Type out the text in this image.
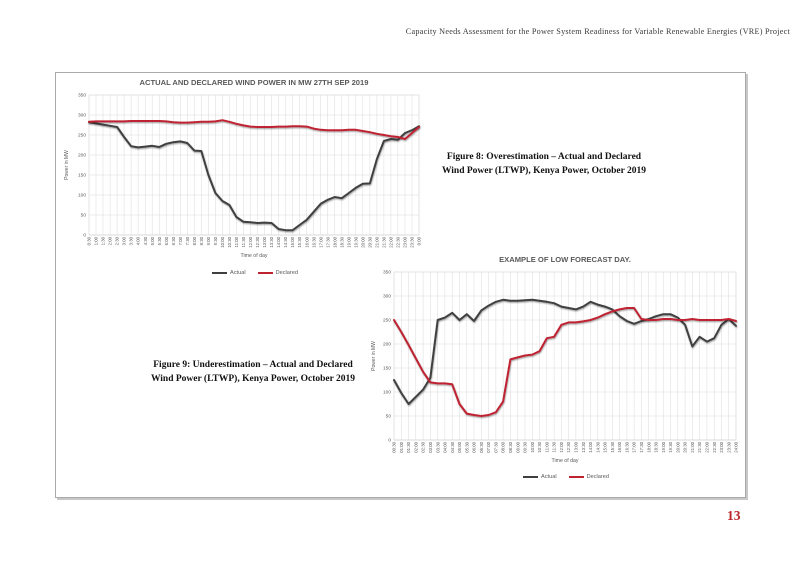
Capacity Needs Assessment for the Power System Readiness for Variable Renewable Energies (VRE) Project
ACTUAL AND DECLARED WIND POWER IN MW 27TH SEP 2019
0
50
100
150
200
250
300
350
0:30 1:00 1:30 2:00 2:30 3:00 3:30 4:00 4:30 5:00 5:30 6:00 6:30 7:00 7:30 8:00 8:30 9:00 9:30 10:00 10:30 11:00 11:30 12:00 12:30 13:00 13:30 14:00 14:30 15:00 15:30 16:00 16:30 17:00 17:30 18:00 18:30 19:00 19:30 20:00 20:30 21:00 21:30 22:00 22:30 23:00 23:30 0:00
Power in MW
Time of day
Actual	Declared
Figure 8: Overestimation – Actual and Declared
Wind Power (LTWP), Kenya Power, October 2019
EXAMPLE OF LOW FORECAST DAY.
0
50
100
150
200
250
300
350
00:30 01:00 01:30 02:00 02:30 03:00 03:30 04:00 04:30 05:00 05:30 06:00 06:30 07:00 07:30 08:00 08:30 09:00 09:30 10:00 10:30 11:00 11:30 12:00 12:30 13:00 13:30 14:00 14:30 15:00 15:30 16:00 16:30 17:00 17:30 18:00 18:30 19:00 19:30 20:00 20:30 21:00 21:30 22:00 22:30 23:00 23:30 24:00
Power in MW
Time of day
Actual	Declared
Figure 9: Underestimation – Actual and Declared
Wind Power (LTWP), Kenya Power, October 2019
13
